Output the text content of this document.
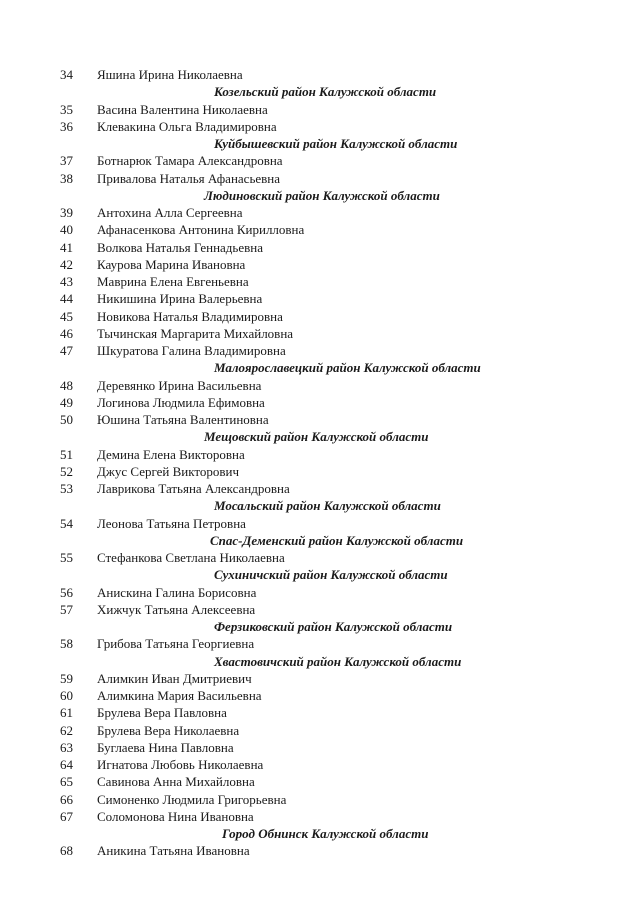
34	Яшина Ирина Николаевна
Козельский район Калужской области
35	Васина Валентина Николаевна
36	Клевакина Ольга Владимировна
Куйбышевский район Калужской области
37	Ботнарюк Тамара Александровна
38	Привалова Наталья Афанасьевна
Людиновский район Калужской области
39	Антохина Алла Сергеевна
40	Афанасенкова Антонина Кирилловна
41	Волкова Наталья Геннадьевна
42	Каурова Марина Ивановна
43	Маврина Елена Евгеньевна
44	Никишина Ирина Валерьевна
45	Новикова Наталья Владимировна
46	Тычинская Маргарита Михайловна
47	Шкуратова Галина Владимировна
Малоярославецкий район Калужской области
48	Деревянко Ирина Васильевна
49	Логинова Людмила Ефимовна
50	Юшина Татьяна Валентиновна
Мещовский район Калужской области
51	Демина Елена Викторовна
52	Джус Сергей Викторович
53	Лаврикова Татьяна Александровна
Мосальский район Калужской области
54	Леонова Татьяна Петровна
Спас-Деменский район Калужской области
55	Стефанкова Светлана Николаевна
Сухиничский район Калужской области
56	Анискина Галина Борисовна
57	Хижчук Татьяна Алексеевна
Ферзиковский район Калужской области
58	Грибова Татьяна Георгиевна
Хвастовичский район Калужской области
59	Алимкин Иван Дмитриевич
60	Алимкина Мария Васильевна
61	Брулева Вера Павловна
62	Брулева Вера Николаевна
63	Буглаева Нина Павловна
64	Игнатова Любовь Николаевна
65	Савинова Анна Михайловна
66	Симоненко Людмила Григорьевна
67	Соломонова Нина Ивановна
Город Обнинск Калужской области
68	Аникина Татьяна Ивановна
